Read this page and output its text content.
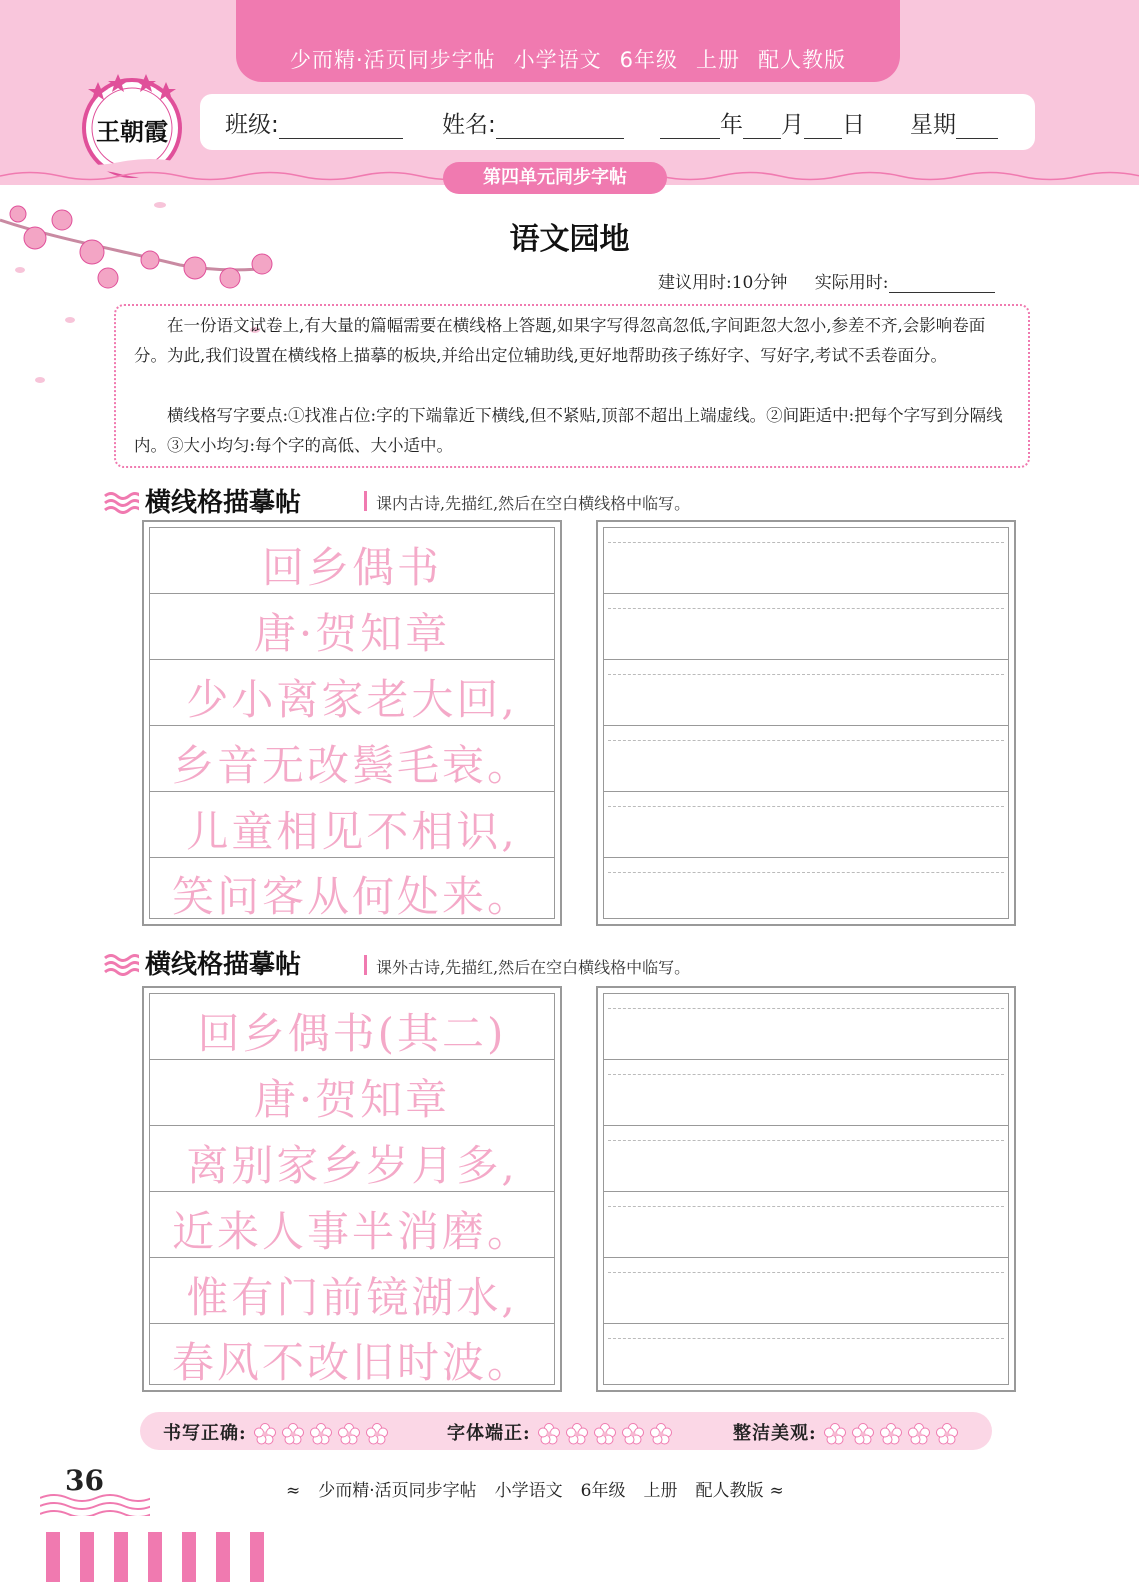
少而精·活页同步字帖 小学语文 6年级 上册 配人教版
王朝霞	班级:	姓名:	年 月 日 星期
第四单元同步字帖
语文园地
建议用时:10分钟 实际用时:

在一份语文试卷上,有大量的篇幅需要在横线格上答题,如果字写得忽高忽低,字间距忽大忽小,参差不齐,会影响卷面分。为此,我们设置在横线格上描摹的板块,并给出定位辅助线,更好地帮助孩子练好字、写好字,考试不丢卷面分。

横线格写字要点:①找准占位:字的下端靠近下横线,但不紧贴,顶部不超出上端虚线。②间距适中:把每个字写到分隔线内。③大小均匀:每个字的高低、大小适中。

横线格描摹帖	课内古诗,先描红,然后在空白横线格中临写。
回乡偶书
唐·贺知章
少小离家老大回,
乡音无改鬓毛衰。
儿童相见不相识,
笑问客从何处来。
横线格描摹帖	课外古诗,先描红,然后在空白横线格中临写。
回乡偶书(其二)
唐·贺知章
离别家乡岁月多,
近来人事半消磨。
惟有门前镜湖水,
春风不改旧时波。
书写正确:	字体端正:	整洁美观:
36	≈ 少而精·活页同步字帖 小学语文 6年级 上册 配人教版 ≈
